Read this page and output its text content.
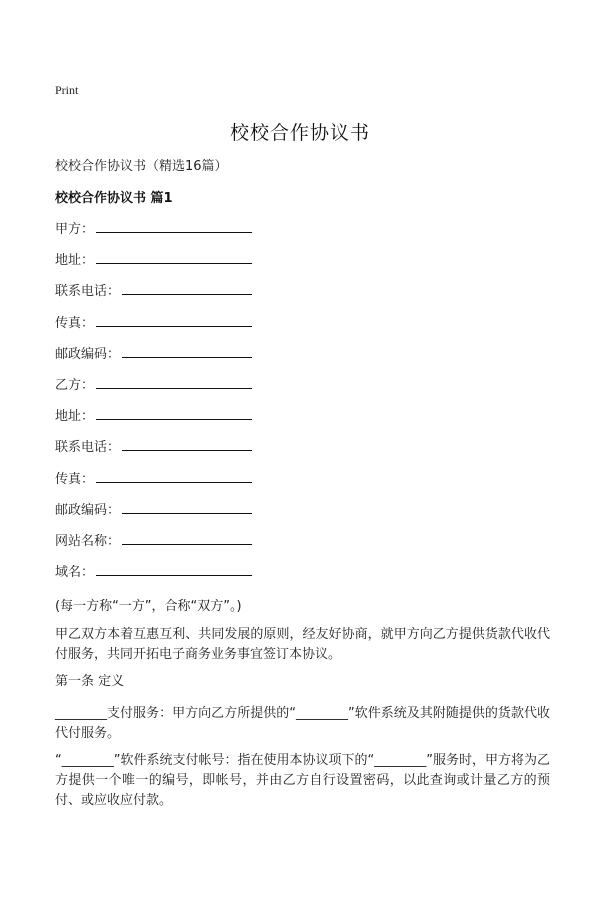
Print
校校合作协议书
校校合作协议书（精选16篇）
校校合作协议书 篇1
甲方：
地址：
联系电话：
传真：
邮政编码：
乙方：
地址：
联系电话：
传真：
邮政编码：
网站名称：
域名：
(每一方称“一方”，合称“双方”。)
甲乙双方本着互惠互利、共同发展的原则，经友好协商，就甲方向乙方提供货款代收代付服务，共同开拓电子商务业务事宜签订本协议。
第一条 定义
________支付服务：甲方向乙方所提供的“________”软件系统及其附随提供的货款代收代付服务。
“________”软件系统支付帐号：指在使用本协议项下的“________”服务时，甲方将为乙方提供一个唯一的编号，即帐号，并由乙方自行设置密码，以此查询或计量乙方的预付、或应收应付款。
